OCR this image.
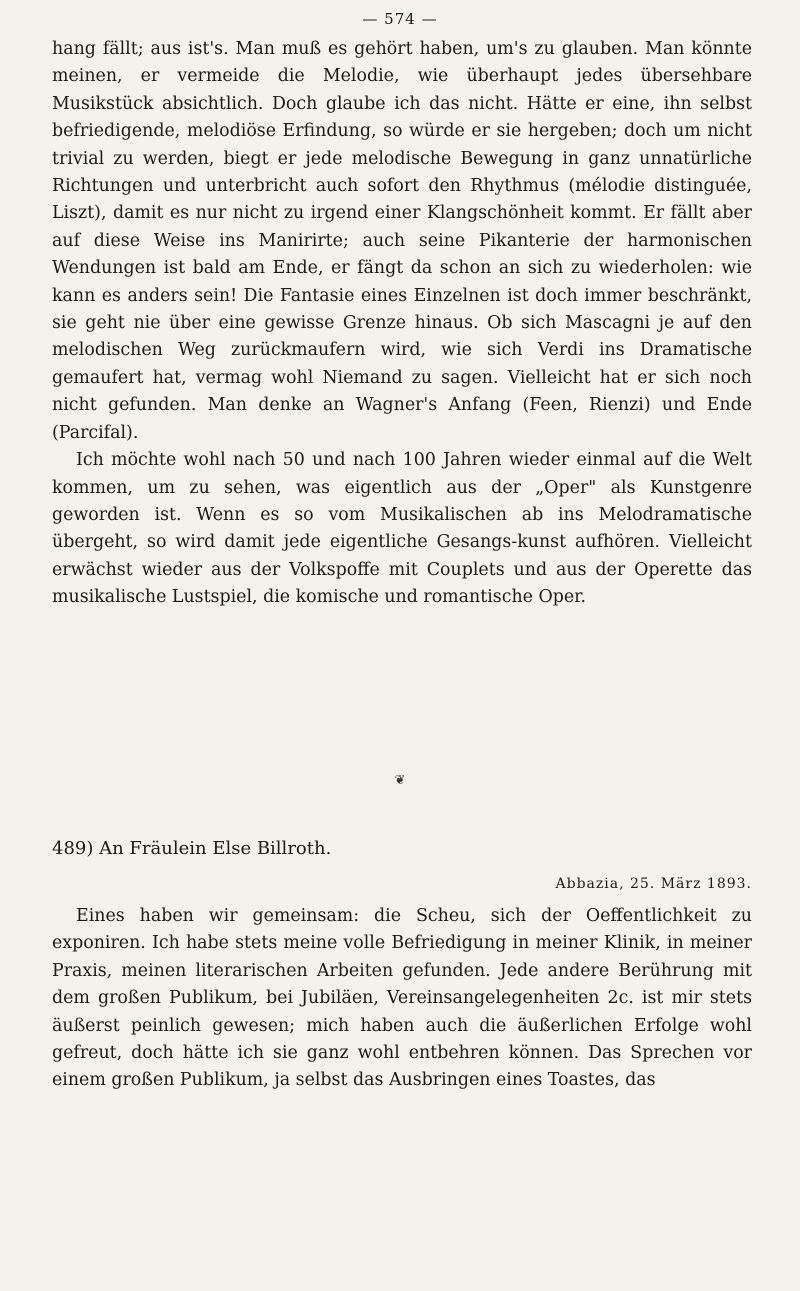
— 574 —

hang fällt; aus ist's. Man muß es gehört haben, um's zu glauben. Man könnte meinen, er vermeide die Melodie, wie überhaupt jedes übersehbare Musikstück absichtlich. Doch glaube ich das nicht. Hätte er eine, ihn selbst befriedigende, melodiöse Erfindung, so würde er sie hergeben; doch um nicht trivial zu werden, biegt er jede melodische Bewegung in ganz unnatürliche Richtungen und unterbricht auch sofort den Rhythmus (mélodie distinguée, Liszt), damit es nur nicht zu irgend einer Klangschönheit kommt. Er fällt aber auf diese Weise ins Manirirte; auch seine Pikanterie der harmonischen Wendungen ist bald am Ende, er fängt da schon an sich zu wiederholen: wie kann es anders sein! Die Fantasie eines Einzelnen ist doch immer beschränkt, sie geht nie über eine gewisse Grenze hinaus. Ob sich Mascagni je auf den melodischen Weg zurückmaufern wird, wie sich Verdi ins Dramatische gemaufert hat, vermag wohl Niemand zu sagen. Vielleicht hat er sich noch nicht gefunden. Man denke an Wagner's Anfang (Feen, Rienzi) und Ende (Parcifal).

Ich möchte wohl nach 50 und nach 100 Jahren wieder einmal auf die Welt kommen, um zu sehen, was eigentlich aus der „Oper" als Kunstgenre geworden ist. Wenn es so vom Musikalischen ab ins Melodramatische übergeht, so wird damit jede eigentliche Gesangs-kunst aufhören. Vielleicht erwächst wieder aus der Volkspoffe mit Couplets und aus der Operette das musikalische Lustspiel, die komische und romantische Oper.

❦
489) An Fräulein Else Billroth.
Abbazia, 25. März 1893.

Eines haben wir gemeinsam: die Scheu, sich der Oeffentlichkeit zu exponiren. Ich habe stets meine volle Befriedigung in meiner Klinik, in meiner Praxis, meinen literarischen Arbeiten gefunden. Jede andere Berührung mit dem großen Publikum, bei Jubiläen, Vereinsangelegenheiten 2c. ist mir stets äußerst peinlich gewesen; mich haben auch die äußerlichen Erfolge wohl gefreut, doch hätte ich sie ganz wohl entbehren können. Das Sprechen vor einem großen Publikum, ja selbst das Ausbringen eines Toastes, das
